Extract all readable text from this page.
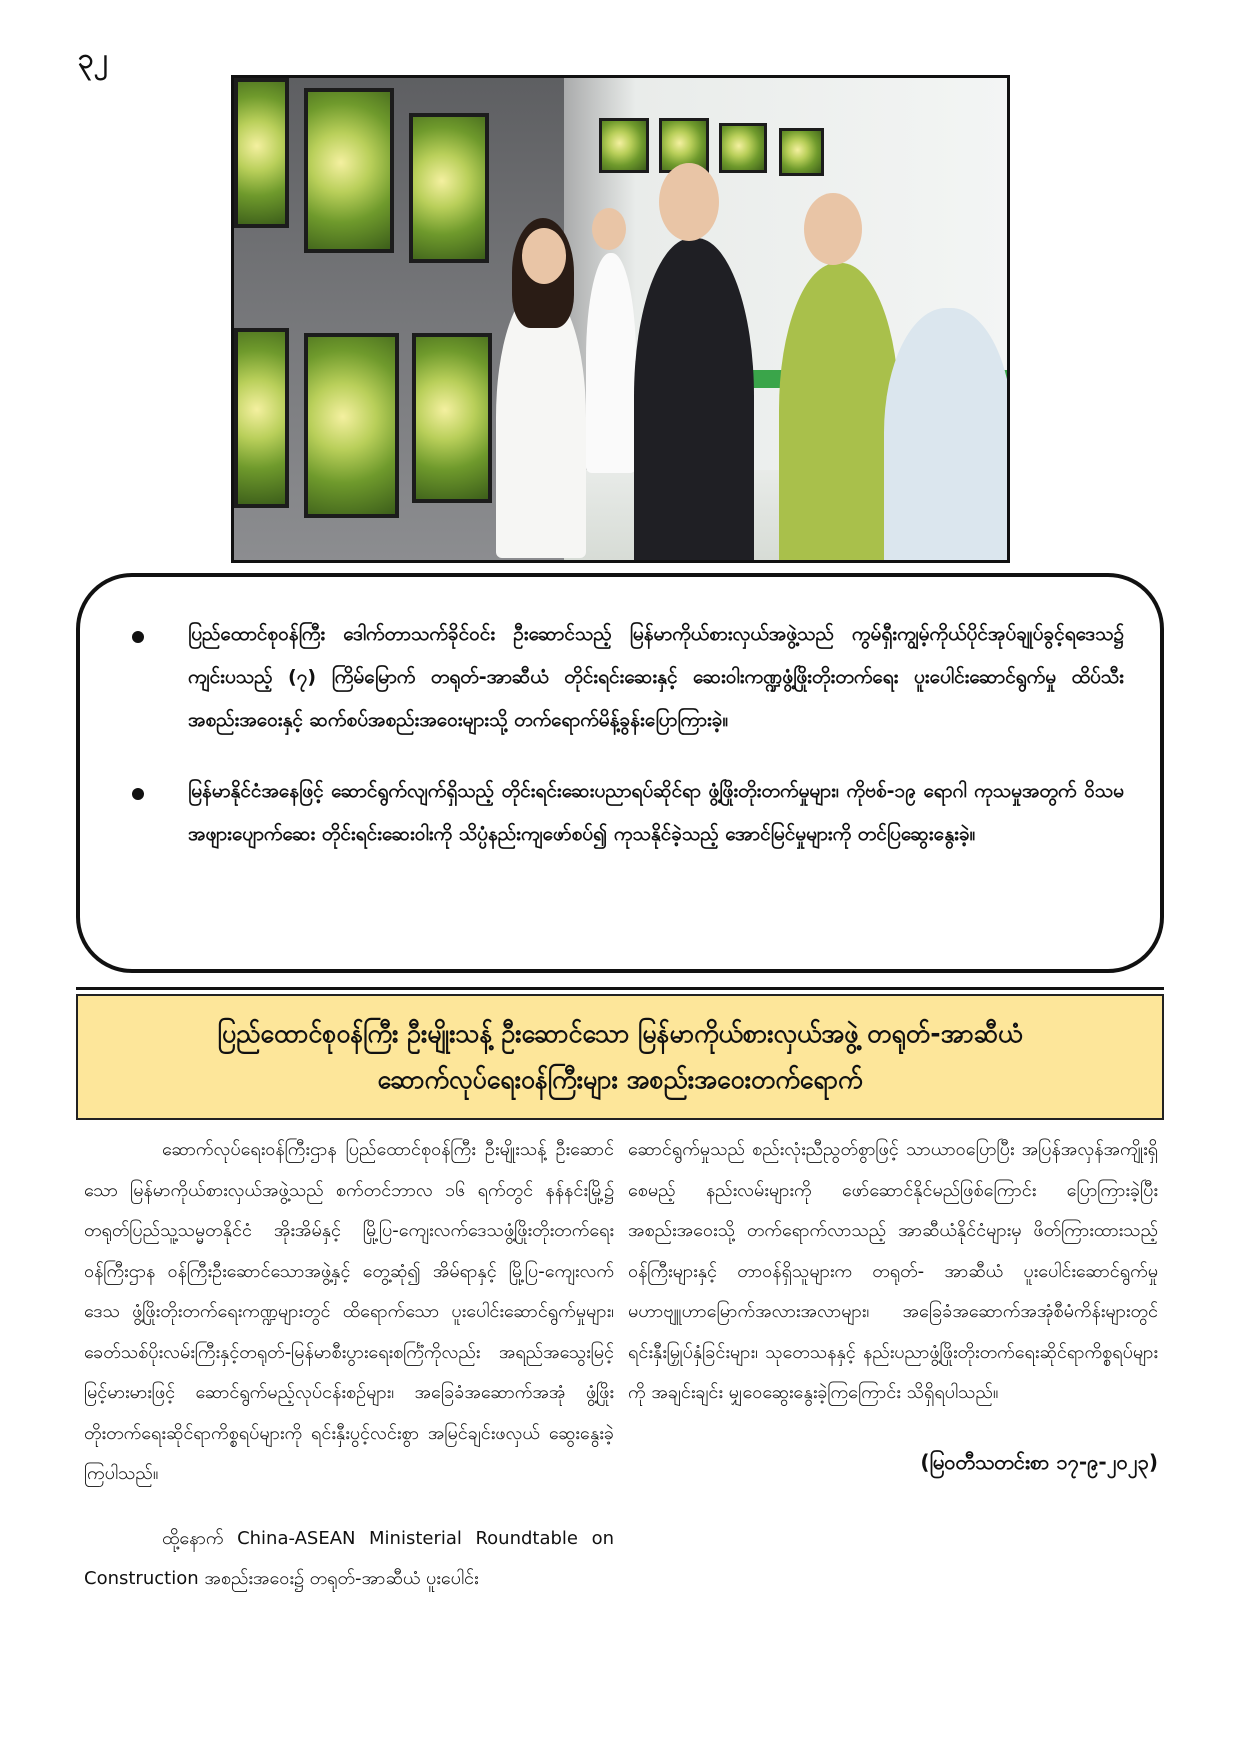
၃၂
ပြည်ထောင်စုဝန်ကြီး ဒေါက်တာသက်ခိုင်ဝင်း ဦးဆောင်သည့် မြန်မာကိုယ်စားလှယ်အဖွဲ့သည် ကွမ်ရှီးကျွမ့်ကိုယ်ပိုင်အုပ်ချုပ်ခွင့်ရဒေသ၌ ကျင်းပသည့် (၇) ကြိမ်မြောက် တရုတ်-အာဆီယံ တိုင်းရင်းဆေးနှင့် ဆေးဝါးကဏ္ဍဖွံ့ဖြိုးတိုးတက်ရေး ပူးပေါင်းဆောင်ရွက်မှု ထိပ်သီးအစည်းအဝေးနှင့် ဆက်စပ်အစည်းအဝေးများသို့ တက်ရောက်မိန့်ခွန်းပြောကြားခဲ့။
မြန်မာနိုင်ငံအနေဖြင့် ဆောင်ရွက်လျက်ရှိသည့် တိုင်းရင်းဆေးပညာရပ်ဆိုင်ရာ ဖွံ့ဖြိုးတိုးတက်မှုများ၊ ကိုဗစ်-၁၉ ရောဂါ ကုသမှုအတွက် ဝိသမအဖျားပျောက်ဆေး တိုင်းရင်းဆေးဝါးကို သိပ္ပံနည်းကျဖော်စပ်၍ ကုသနိုင်ခဲ့သည့် အောင်မြင်မှုများကို တင်ပြဆွေးနွေးခဲ့။
ပြည်ထောင်စုဝန်ကြီး ဦးမျိုးသန့် ဦးဆောင်သော မြန်မာကိုယ်စားလှယ်အဖွဲ့ တရုတ်-အာဆီယံ
ဆောက်လုပ်ရေးဝန်ကြီးများ အစည်းအဝေးတက်ရောက်

ဆောက်လုပ်ရေးဝန်ကြီးဌာန ပြည်ထောင်စုဝန်ကြီး ဦးမျိုးသန့် ဦးဆောင်သော မြန်မာကိုယ်စားလှယ်အဖွဲ့သည် စက်တင်ဘာလ ၁၆ ရက်တွင် နန်နင်းမြို့၌ တရုတ်ပြည်သူ့သမ္မတနိုင်ငံ အိုးအိမ်နှင့် မြို့ပြ-ကျေးလက်ဒေသဖွံ့ဖြိုးတိုးတက်ရေးဝန်ကြီးဌာန ဝန်ကြီးဦးဆောင်သောအဖွဲ့နှင့် တွေ့ဆုံ၍ အိမ်ရာနှင့် မြို့ပြ-ကျေးလက်ဒေသ ဖွံ့ဖြိုးတိုးတက်ရေးကဏ္ဍများတွင် ထိရောက်သော ပူးပေါင်းဆောင်ရွက်မှုများ၊ ခေတ်သစ်ပိုးလမ်းကြီးနှင့်တရုတ်-မြန်မာစီးပွားရေးစင်္ကြံကိုလည်း အရည်အသွေးမြင့်မြင့်မားမားဖြင့် ဆောင်ရွက်မည့်လုပ်ငန်းစဉ်များ၊ အခြေခံအဆောက်အအုံ ဖွံ့ဖြိုးတိုးတက်ရေးဆိုင်ရာကိစ္စရပ်များကို ရင်းနှီးပွင့်လင်းစွာ အမြင်ချင်းဖလှယ် ဆွေးနွေးခဲ့ကြပါသည်။

ထို့နောက် China-ASEAN Ministerial Roundtable on Construction အစည်းအဝေး၌ တရုတ်-အာဆီယံ ပူးပေါင်း

ဆောင်ရွက်မှုသည် စည်းလုံးညီညွတ်စွာဖြင့် သာယာဝပြောပြီး အပြန်အလှန်အကျိုးရှိစေမည့် နည်းလမ်းများကို ဖော်ဆောင်နိုင်မည်ဖြစ်ကြောင်း ပြောကြားခဲ့ပြီး အစည်းအဝေးသို့ တက်ရောက်လာသည့် အာဆီယံနိုင်ငံများမှ ဖိတ်ကြားထားသည့် ဝန်ကြီးများနှင့် တာဝန်ရှိသူများက တရုတ်- အာဆီယံ ပူးပေါင်းဆောင်ရွက်မှု မဟာဗျူဟာမြောက်အလားအလာများ၊ အခြေခံအဆောက်အအုံစီမံကိန်းများတွင် ရင်းနှီးမြှုပ်နှံခြင်းများ၊ သုတေသနနှင့် နည်းပညာဖွံ့ဖြိုးတိုးတက်ရေးဆိုင်ရာကိစ္စရပ်များကို အချင်းချင်း မျှဝေဆွေးနွေးခဲ့ကြကြောင်း သိရှိရပါသည်။

(မြဝတီသတင်းစာ ၁၇-၉-၂၀၂၃)
